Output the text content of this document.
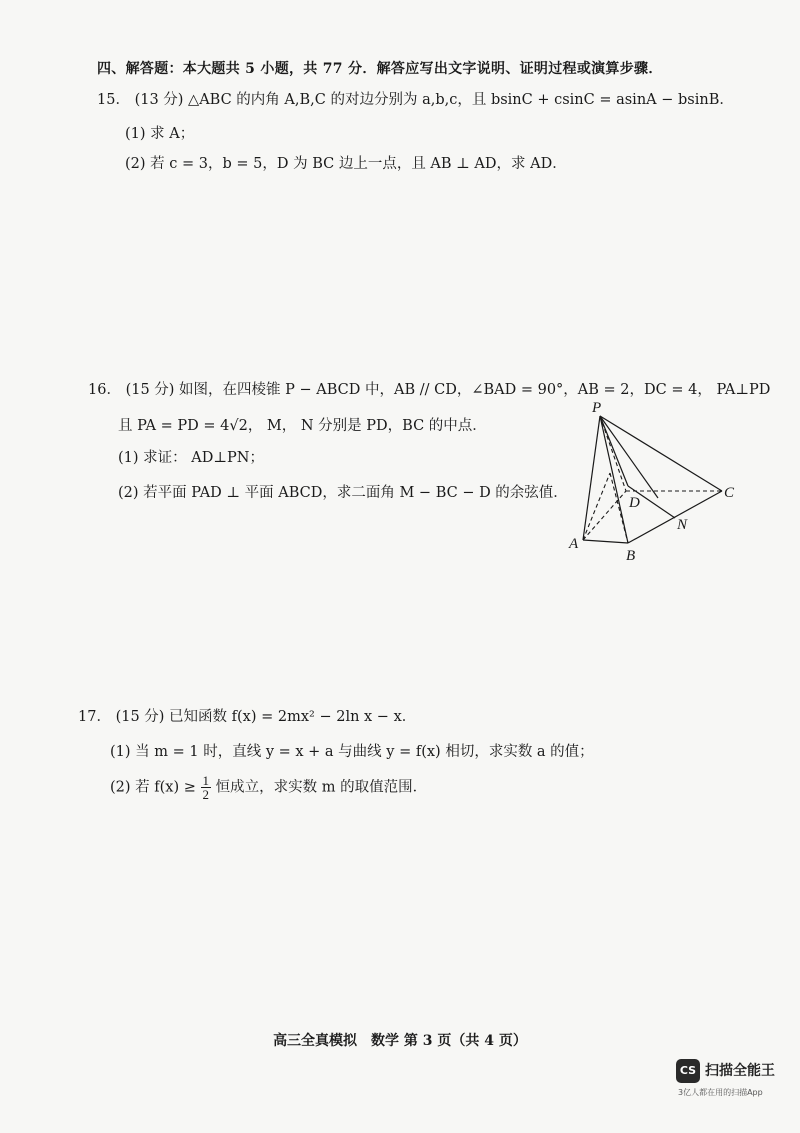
四、解答题：本大题共 5 小题，共 77 分．解答应写出文字说明、证明过程或演算步骤．
15． (13 分) △ABC 的内角 A,B,C 的对边分别为 a,b,c，且 bsinC + csinC = asinA − bsinB．
(1) 求 A；
(2) 若 c = 3，b = 5，D 为 BC 边上一点，且 AB ⊥ AD，求 AD．
16． (15 分) 如图，在四棱锥 P − ABCD 中，AB // CD，∠BAD = 90°，AB = 2，DC = 4， PA⊥PD
且 PA = PD = 4√2， M， N 分别是 PD，BC 的中点．
(1) 求证： AD⊥PN；
(2) 若平面 PAD ⊥ 平面 ABCD，求二面角 M − BC − D 的余弦值．
P
A
B
C
D
N
17． (15 分) 已知函数 f(x) = 2mx² − 2ln x − x．
(1) 当 m = 1 时，直线 y = x + a 与曲线 y = f(x) 相切，求实数 a 的值；
(2) 若 $f(x) \ge \frac{1}{2}$ 恒成立，求实数 m 的取值范围．
高三全真模拟　数学 第 3 页（共 4 页）
CS 扫描全能王
3亿人都在用的扫描App
